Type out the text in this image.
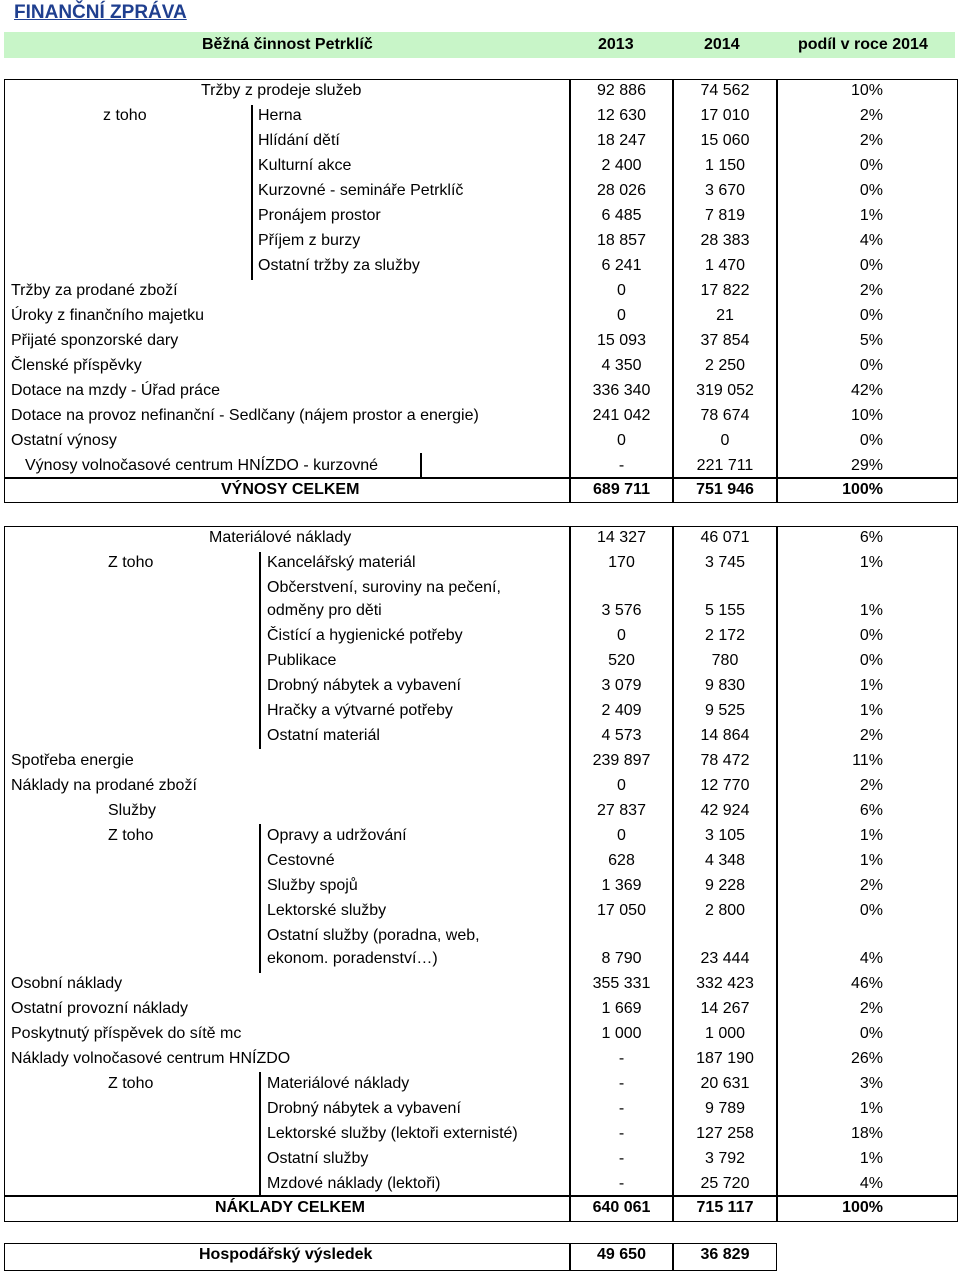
FINANČNÍ ZPRÁVA
Běžná činnost Petrklíč	2013	2014	podíl v roce 2014
Tržby z prodeje služeb	92 886	74 562	10%
z toho	Herna	12 630	17 010	2%
Hlídání dětí	18 247	15 060	2%
Kulturní akce	2 400	1 150	0%
Kurzovné - semináře Petrklíč	28 026	3 670	0%
Pronájem prostor	6 485	7 819	1%
Příjem z burzy	18 857	28 383	4%
Ostatní tržby za služby	6 241	1 470	0%
Tržby za prodané zboží	0	17 822	2%
Úroky z finančního majetku	0	21	0%
Přijaté sponzorské dary	15 093	37 854	5%
Členské příspěvky	4 350	2 250	0%
Dotace na mzdy - Úřad práce	336 340	319 052	42%
Dotace na provoz nefinanční - Sedlčany (nájem prostor a energie)	241 042	78 674	10%
Ostatní výnosy	0	0	0%
Výnosy volnočasové centrum HNÍZDO - kurzovné	-	221 711	29%
VÝNOSY CELKEM	689 711	751 946	100%
Materiálové náklady	14 327	46 071	6%
Z toho	Kancelářský materiál	170	3 745	1%
Občerstvení, suroviny na pečení,
odměny pro děti	3 576	5 155	1%
Čistící a hygienické potřeby	0	2 172	0%
Publikace	520	780	0%
Drobný nábytek a vybavení	3 079	9 830	1%
Hračky a výtvarné potřeby	2 409	9 525	1%
Ostatní materiál	4 573	14 864	2%
Spotřeba energie	239 897	78 472	11%
Náklady na prodané zboží	0	12 770	2%
Služby	27 837	42 924	6%
Z toho	Opravy a udržování	0	3 105	1%
Cestovné	628	4 348	1%
Služby spojů	1 369	9 228	2%
Lektorské služby	17 050	2 800	0%
Ostatní služby (poradna, web,
ekonom. poradenství…)	8 790	23 444	4%
Osobní náklady	355 331	332 423	46%
Ostatní provozní náklady	1 669	14 267	2%
Poskytnutý příspěvek do sítě mc	1 000	1 000	0%
Náklady volnočasové centrum HNÍZDO	-	187 190	26%
Z toho	Materiálové náklady	-	20 631	3%
Drobný nábytek a vybavení	-	9 789	1%
Lektorské služby (lektoři externisté)	-	127 258	18%
Ostatní služby	-	3 792	1%
Mzdové náklady (lektoři)	-	25 720	4%
NÁKLADY CELKEM	640 061	715 117	100%
Hospodářský výsledek	49 650	36 829
